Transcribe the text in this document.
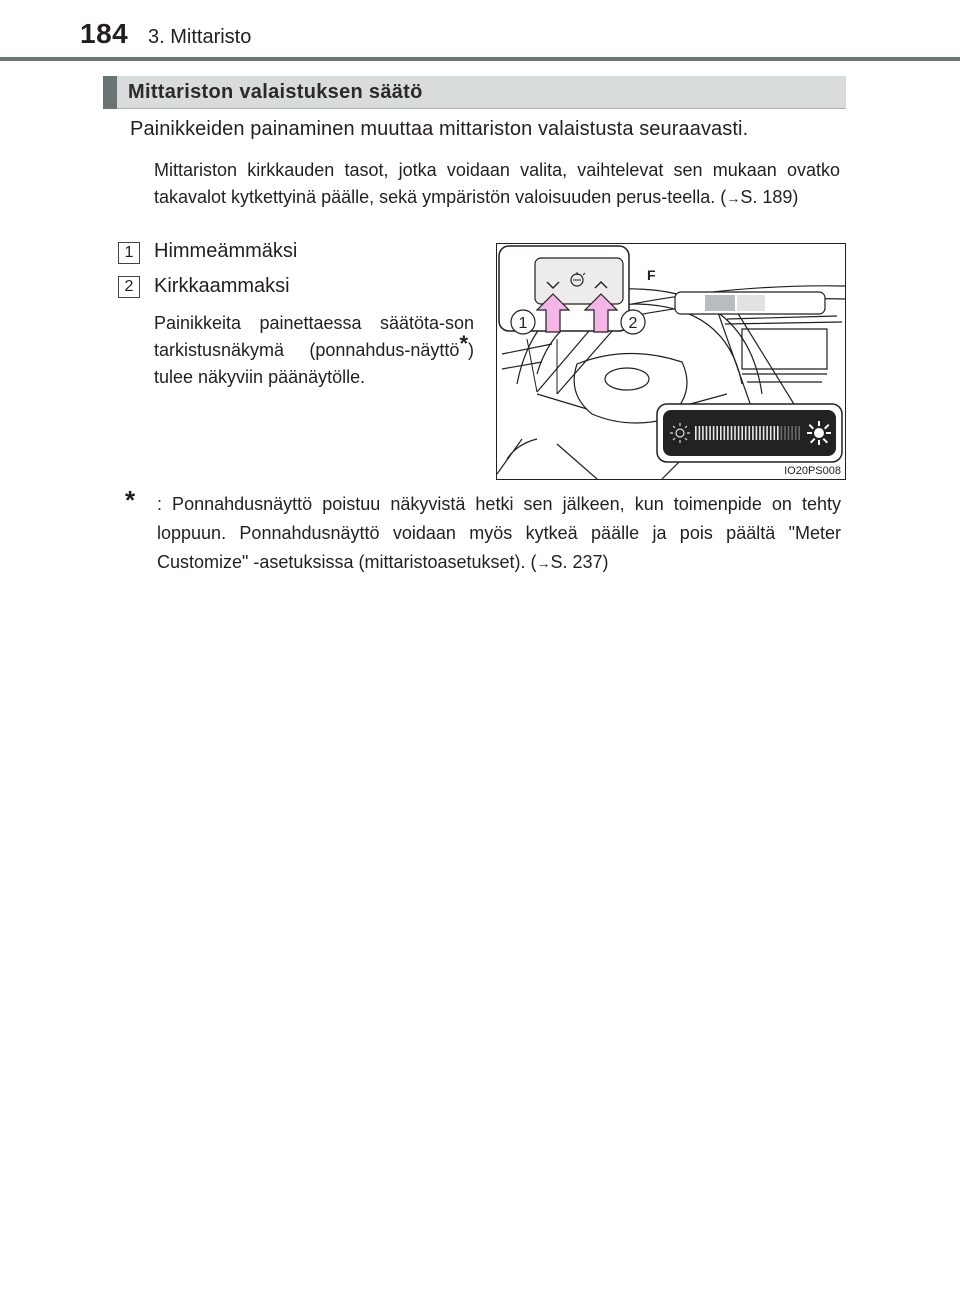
184 3. Mittaristo
Mittariston valaistuksen säätö
Painikkeiden painaminen muuttaa mittariston valaistusta seuraavasti.
Mittariston kirkkauden tasot, jotka voidaan valita, vaihtelevat sen mukaan ovatko takavalot kytkettyinä päälle, sekä ympäristön valoisuuden perus-teella. (→S. 189)
1	Himmeämmäksi
2	Kirkkaammaksi
Painikkeita painettaessa säätöta-son tarkistusnäkymä (ponnahdus-näyttö*) tulee näkyviin päänäytölle.
F
1	2
IO20PS008
* : Ponnahdusnäyttö poistuu näkyvistä hetki sen jälkeen, kun toimenpide on tehty loppuun. Ponnahdusnäyttö voidaan myös kytkeä päälle ja pois päältä "Meter Customize" -asetuksissa (mittaristoasetukset). (→S. 237)
